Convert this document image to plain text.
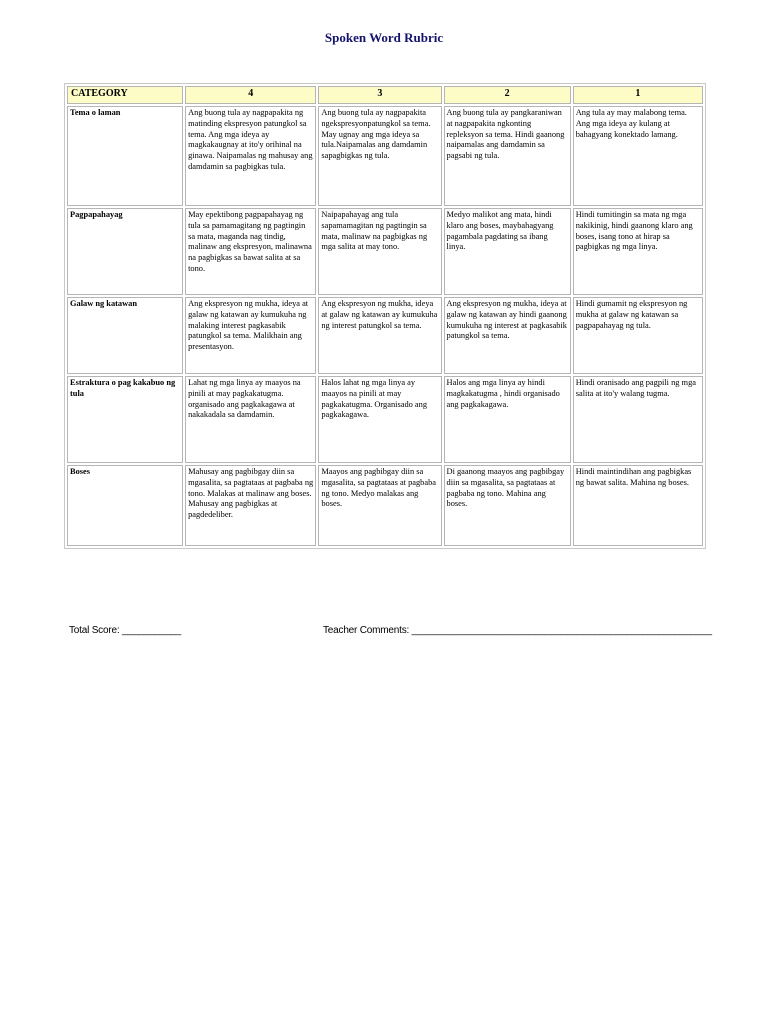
Spoken Word Rubric
CATEGORY	4	3	2	1
Tema o laman	Ang buong tula ay nagpapakita ng matinding ekspresyon patungkol sa tema. Ang mga ideya ay magkakaugnay at ito'y orihinal na ginawa. Naipamalas ng mahusay ang damdamin sa pagbigkas tula.	Ang buong tula ay nagpapakita ngekspresyonpatungkol sa tema. May ugnay ang mga ideya sa tula.Naipamalas ang damdamin sapagbigkas ng tula.	Ang buong tula ay pangkaraniwan at nagpapakita ngkonting repleksyon sa tema. Hindi gaanong naipamalas ang damdamin sa pagsabi ng tula.	Ang tula ay may malabong tema. Ang mga ideya ay kulang at bahagyang konektado lamang.
Pagpapahayag	May epektibong pagpapahayag ng tula sa pamamagitang ng pagtingin sa mata, maganda nag tindig, malinaw ang ekspresyon, malinawna na pagbigkas sa bawat salita at sa tono.	Naipapahayag ang tula sapamamagitan ng pagtingin sa mata, malinaw na pagbigkas ng mga salita at may tono.	Medyo malikot ang mata, hindi klaro ang boses, maybahagyang pagambala pagdating sa ibang linya.	Hindi tumitingin sa mata ng mga nakikinig, hindi gaanong klaro ang boses, isang tono at hirap sa pagbigkas ng mga linya.
Galaw ng katawan	Ang ekspresyon ng mukha, ideya at galaw ng katawan ay kumukuha ng malaking interest pagkasabik patungkol sa tema. Malikhain ang presentasyon.	Ang ekspresyon ng mukha, ideya at galaw ng katawan ay kumukuha ng interest patungkol sa tema.	Ang ekspresyon ng mukha, ideya at galaw ng katawan ay hindi gaanong kumukuha ng interest at pagkasabik patungkol sa tema.	Hindi gumamit ng ekspresyon ng mukha at galaw ng katawan sa pagpapahayag ng tula.
Estraktura o pag kakabuo ng tula	Lahat ng mga linya ay maayos na pinili at may pagkakatugma. organisado ang pagkakagawa at nakakadala sa damdamin.	Halos lahat ng mga linya ay maayos na pinili at may pagkakatugma. Organisado ang pagkakagawa.	Halos ang mga linya ay hindi magkakatugma , hindi organisado ang pagkakagawa.	Hindi oranisado ang pagpili ng mga salita at ito'y walang tugma.
Boses	Mahusay ang pagbibgay diin sa mgasalita, sa pagtataas at pagbaba ng tono. Malakas at malinaw ang boses. Mahusay ang pagbigkas at pagdedeliber.	Maayos ang pagbibgay diin sa mgasalita, sa pagtataas at pagbaba ng tono. Medyo malakas ang boses.	Di gaanong maayos ang pagbibgay diin sa mgasalita, sa pagtataas at pagbaba ng tono. Mahina ang boses.	Hindi maintindihan ang pagbigkas ng bawat salita. Mahina ng boses.
Total Score: ___________	Teacher Comments: ________________________________________________________
